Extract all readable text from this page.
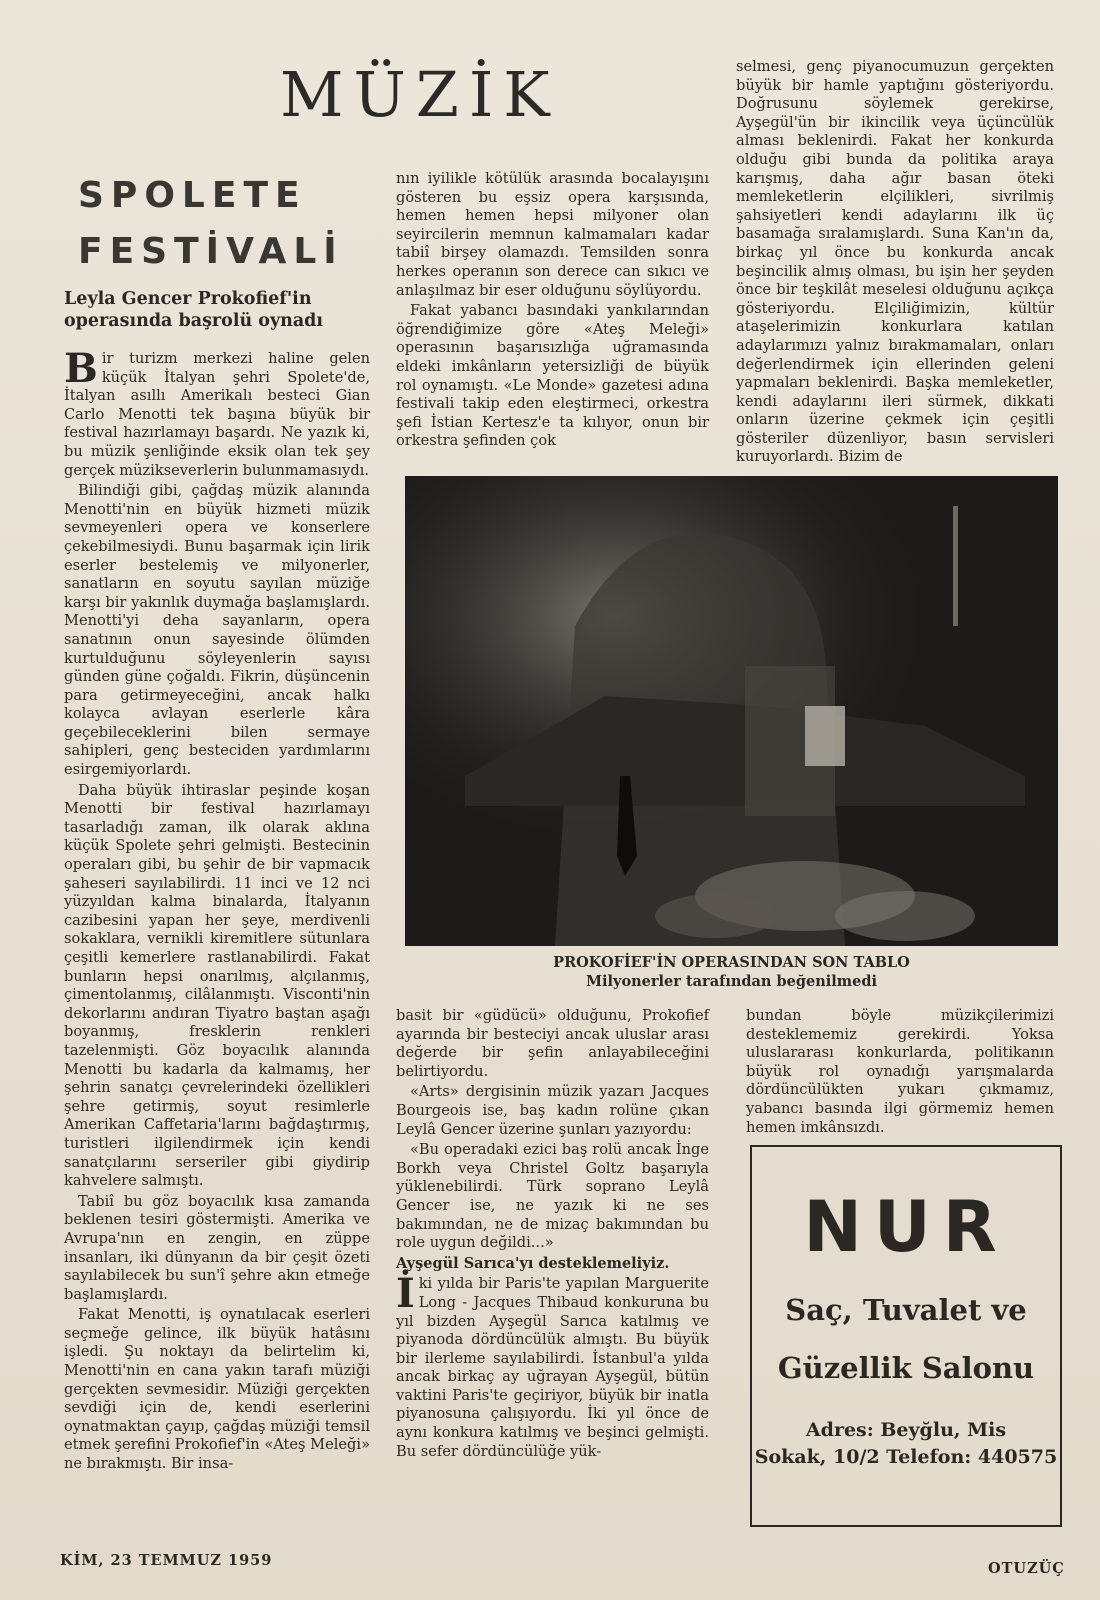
MÜZİK
SPOLETE
FESTİVALİ
Leyla Gencer Prokofief'in operasında başrolü oynadı

Bir turizm merkezi haline gelen küçük İtalyan şehri Spolete'de, İtalyan asıllı Amerikalı besteci Gian Carlo Menotti tek başına büyük bir festival hazırlamayı başardı. Ne yazık ki, bu müzik şenliğinde eksik olan tek şey gerçek müzikseverlerin bulunmamasıydı.

Bilindiği gibi, çağdaş müzik alanında Menotti'nin en büyük hizmeti müzik sevmeyenleri opera ve konserlere çekebilmesiydi. Bunu başarmak için lirik eserler bestelemiş ve milyonerler, sanatların en soyutu sayılan müziğe karşı bir yakınlık duymağa başlamışlardı. Menotti'yi deha sayanların, opera sanatının onun sayesinde ölümden kurtulduğunu söyleyenlerin sayısı günden güne çoğaldı. Fikrin, düşüncenin para getirmeyeceğini, ancak halkı kolayca avlayan eserlerle kâra geçebileceklerini bilen sermaye sahipleri, genç besteciden yardımlarını esirgemiyorlardı.

Daha büyük ihtiraslar peşinde koşan Menotti bir festival hazırlamayı tasarladığı zaman, ilk olarak aklına küçük Spolete şehri gelmişti. Bestecinin operaları gibi, bu şehir de bir vapmacık şaheseri sayılabilirdi. 11 inci ve 12 nci yüzyıldan kalma binalarda, İtalyanın cazibesini yapan her şeye, merdivenli sokaklara, vernikli kiremitlere sütunlara çeşitli kemerlere rastlanabilirdi. Fakat bunların hepsi onarılmış, alçılanmış, çimentolanmış, cilâlanmıştı. Visconti'nin dekorlarını andıran Tiyatro baştan aşağı boyanmış, fresklerin renkleri tazelenmişti. Göz boyacılık alanında Menotti bu kadarla da kalmamış, her şehrin sanatçı çevrelerindeki özellikleri şehre getirmiş, soyut resimlerle Amerikan Caffetaria'larını bağdaştırmış, turistleri ilgilendirmek için kendi sanatçılarını serseriler gibi giydirip kahvelere salmıştı.

Tabiî bu göz boyacılık kısa zamanda beklenen tesiri göstermişti. Amerika ve Avrupa'nın en zengin, en züppe insanları, iki dünyanın da bir çeşit özeti sayılabilecek bu sun'î şehre akın etmeğe başlamışlardı.

Fakat Menotti, iş oynatılacak eserleri seçmeğe gelince, ilk büyük hatâsını işledi. Şu noktayı da belirtelim ki, Menotti'nin en cana yakın tarafı müziği gerçekten sevmesidir. Müziği gerçekten sevdiği için de, kendi eserlerini oynatmaktan çayıp, çağdaş müziği temsil etmek şerefini Prokofief'in «Ateş Meleği» ne bırakmıştı. Bir insa-

nın iyilikle kötülük arasında bocalayışını gösteren bu eşsiz opera karşısında, hemen hemen hepsi milyoner olan seyircilerin memnun kalmamaları kadar tabiî birşey olamazdı. Temsilden sonra herkes operanın son derece can sıkıcı ve anlaşılmaz bir eser olduğunu söylüyordu.

Fakat yabancı basındaki yankılarından öğrendiğimize göre «Ateş Meleği» operasının başarısızlığa uğramasında eldeki imkânların yetersizliği de büyük rol oynamıştı. «Le Monde» gazetesi adına festivali takip eden eleştirmeci, orkestra şefi İstian Kertesz'e ta kılıyor, onun bir orkestra şefinden çok

selmesi, genç piyanocumuzun gerçekten büyük bir hamle yaptığını gösteriyordu. Doğrusunu söylemek gerekirse, Ayşegül'ün bir ikincilik veya üçüncülük alması beklenirdi. Fakat her konkurda olduğu gibi bunda da politika araya karışmış, daha ağır basan öteki memleketlerin elçilikleri, sivrilmiş şahsiyetleri kendi adaylarını ilk üç basamağa sıralamışlardı. Suna Kan'ın da, birkaç yıl önce bu konkurda ancak beşincilik almış olması, bu işin her şeyden önce bir teşkilât meselesi olduğunu açıkça gösteriyordu. Elçiliğimizin, kültür ataşelerimizin konkurlara katılan adaylarımızı yalnız bırakmamaları, onları değerlendirmek için ellerinden geleni yapmaları beklenirdi. Başka memleketler, kendi adaylarını ileri sürmek, dikkati onların üzerine çekmek için çeşitli gösteriler düzenliyor, basın servisleri kuruyorlardı. Bizim de

PROKOFİEF'İN OPERASINDAN SON TABLO
Milyonerler tarafından beğenilmedi

basit bir «güdücü» olduğunu, Prokofief ayarında bir besteciyi ancak uluslar arası değerde bir şefin anlayabileceğini belirtiyordu.

«Arts» dergisinin müzik yazarı Jacques Bourgeois ise, baş kadın rolüne çıkan Leylâ Gencer üzerine şunları yazıyordu:

«Bu operadaki ezici baş rolü ancak İnge Borkh veya Christel Goltz başarıyla yüklenebilirdi. Türk soprano Leylâ Gencer ise, ne yazık ki ne ses bakımından, ne de mizaç bakımından bu role uygun değildi...»

Ayşegül Sarıca'yı desteklemeliyiz.

İki yılda bir Paris'te yapılan Marguerite Long - Jacques Thibaud konkuruna bu yıl bizden Ayşegül Sarıca katılmış ve piyanoda dördüncülük almıştı. Bu büyük bir ilerleme sayılabilirdi. İstanbul'a yılda ancak birkaç ay uğrayan Ayşegül, bütün vaktini Paris'te geçiriyor, büyük bir inatla piyanosuna çalışıyordu. İki yıl önce de aynı konkura katılmış ve beşinci gelmişti. Bu sefer dördüncülüğe yük-

bundan böyle müzikçilerimizi desteklememiz gerekirdi. Yoksa uluslararası konkurlarda, politikanın büyük rol oynadığı yarışmalarda dördüncülükten yukarı çıkmamız, yabancı basında ilgi görmemiz hemen hemen imkânsızdı.

NUR
Saç, Tuvalet ve
Güzellik Salonu
Adres: Beyğlu, Mis
Sokak, 10/2 Telefon: 440575
KİM, 23 TEMMUZ 1959	OTUZÜÇ
